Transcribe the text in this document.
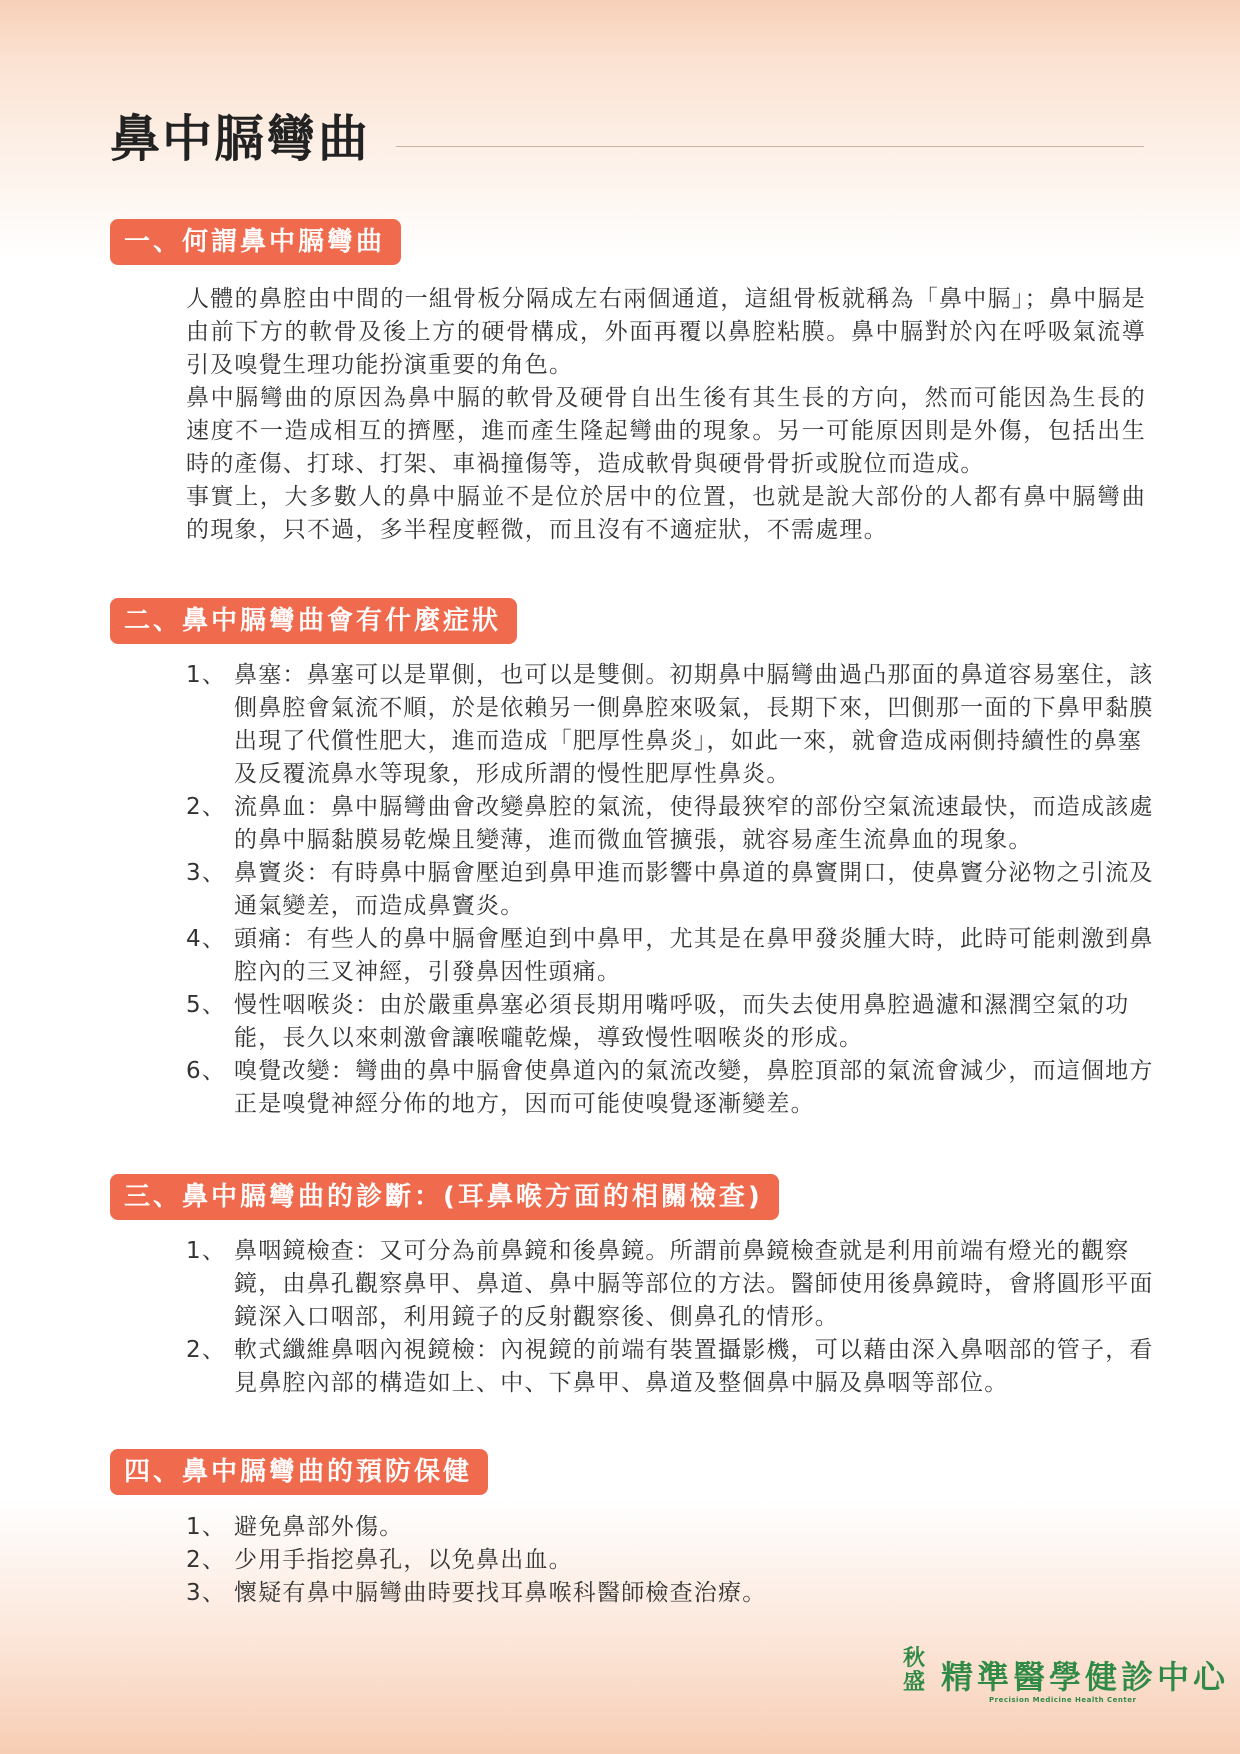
鼻中膈彎曲
一、何謂鼻中膈彎曲

人體的鼻腔由中間的一組骨板分隔成左右兩個通道，這組骨板就稱為「鼻中膈」；鼻中膈是由前下方的軟骨及後上方的硬骨構成，外面再覆以鼻腔粘膜。鼻中膈對於內在呼吸氣流導引及嗅覺生理功能扮演重要的角色。

鼻中膈彎曲的原因為鼻中膈的軟骨及硬骨自出生後有其生長的方向，然而可能因為生長的速度不一造成相互的擠壓，進而產生隆起彎曲的現象。另一可能原因則是外傷，包括出生時的產傷、打球、打架、車禍撞傷等，造成軟骨與硬骨骨折或脫位而造成。

事實上，大多數人的鼻中膈並不是位於居中的位置，也就是說大部份的人都有鼻中膈彎曲的現象，只不過，多半程度輕微，而且沒有不適症狀，不需處理。

二、鼻中膈彎曲會有什麼症狀
1、 鼻塞：鼻塞可以是單側，也可以是雙側。初期鼻中膈彎曲過凸那面的鼻道容易塞住，該側鼻腔會氣流不順，於是依賴另一側鼻腔來吸氣，長期下來，凹側那一面的下鼻甲黏膜出現了代償性肥大，進而造成「肥厚性鼻炎」，如此一來，就會造成兩側持續性的鼻塞及反覆流鼻水等現象，形成所謂的慢性肥厚性鼻炎。

2、 流鼻血：鼻中膈彎曲會改變鼻腔的氣流，使得最狹窄的部份空氣流速最快，而造成該處的鼻中膈黏膜易乾燥且變薄，進而微血管擴張，就容易產生流鼻血的現象。

3、 鼻竇炎：有時鼻中膈會壓迫到鼻甲進而影響中鼻道的鼻竇開口，使鼻竇分泌物之引流及通氣變差，而造成鼻竇炎。

4、 頭痛：有些人的鼻中膈會壓迫到中鼻甲，尤其是在鼻甲發炎腫大時，此時可能刺激到鼻腔內的三叉神經，引發鼻因性頭痛。

5、 慢性咽喉炎：由於嚴重鼻塞必須長期用嘴呼吸，而失去使用鼻腔過濾和濕潤空氣的功能，長久以來刺激會讓喉嚨乾燥，導致慢性咽喉炎的形成。

6、 嗅覺改變：彎曲的鼻中膈會使鼻道內的氣流改變，鼻腔頂部的氣流會減少，而這個地方正是嗅覺神經分佈的地方，因而可能使嗅覺逐漸變差。

三、鼻中膈彎曲的診斷：(耳鼻喉方面的相關檢查)
1、 鼻咽鏡檢查：又可分為前鼻鏡和後鼻鏡。所謂前鼻鏡檢查就是利用前端有燈光的觀察鏡，由鼻孔觀察鼻甲、鼻道、鼻中膈等部位的方法。醫師使用後鼻鏡時，會將圓形平面鏡深入口咽部，利用鏡子的反射觀察後、側鼻孔的情形。

2、 軟式纖維鼻咽內視鏡檢：內視鏡的前端有裝置攝影機，可以藉由深入鼻咽部的管子，看見鼻腔內部的構造如上、中、下鼻甲、鼻道及整個鼻中膈及鼻咽等部位。

四、鼻中膈彎曲的預防保健
1、 避免鼻部外傷。

2、 少用手指挖鼻孔，以免鼻出血。

3、 懷疑有鼻中膈彎曲時要找耳鼻喉科醫師檢查治療。

秋盛 精準醫學健診中心
Precision Medicine Health Center
